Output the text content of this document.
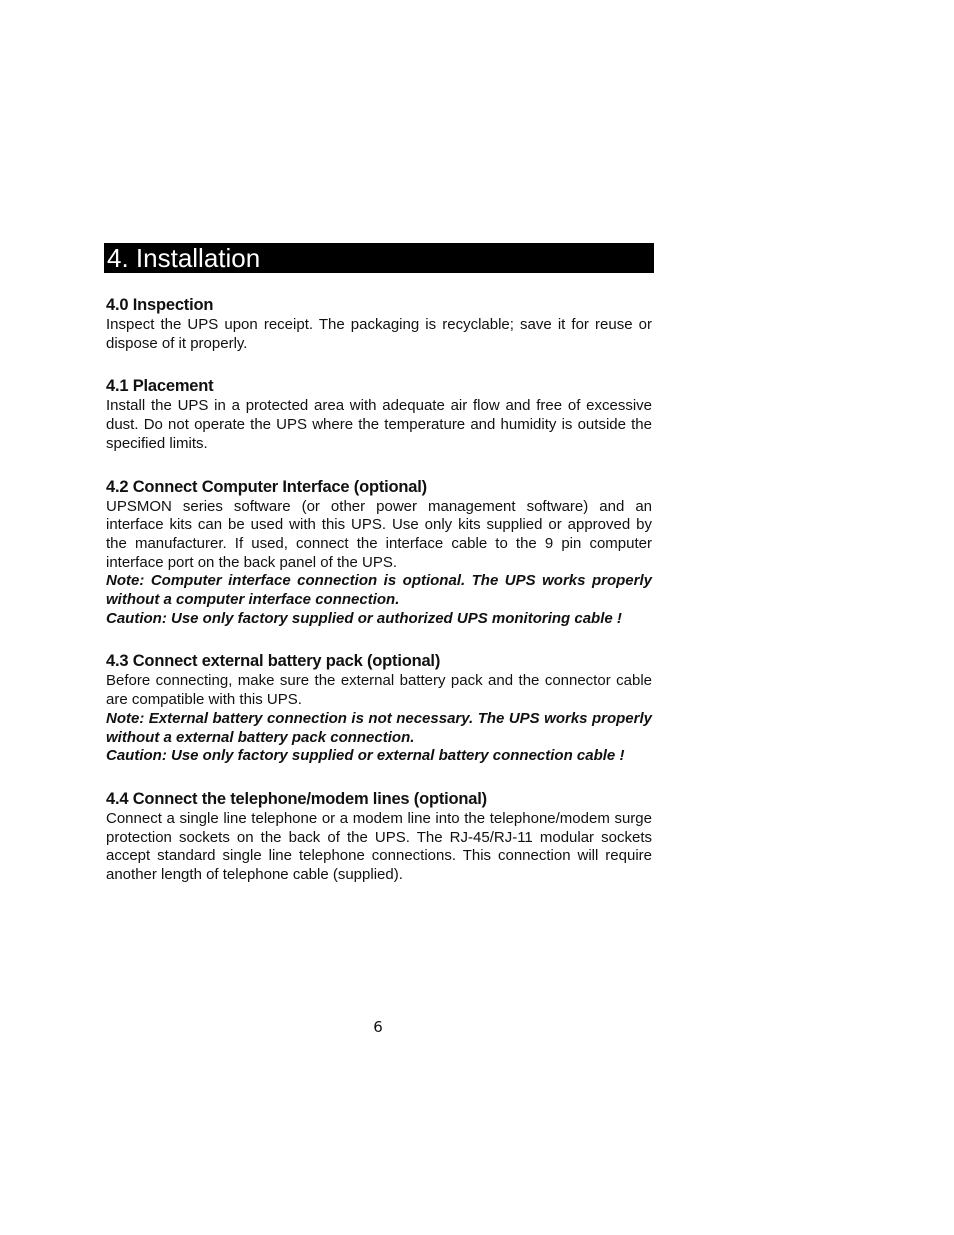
4. Installation
4.0 Inspection

Inspect the UPS upon receipt. The packaging is recyclable; save it for reuse or dispose of it properly.

4.1 Placement

Install the UPS in a protected area with adequate air flow and free of excessive dust. Do not operate the UPS where the temperature and humidity is outside the specified limits.

4.2 Connect Computer Interface (optional)

UPSMON series software (or other power management software) and an interface kits can be used with this UPS. Use only kits supplied or approved by the manufacturer. If used, connect the interface cable to the 9 pin computer interface port on the back panel of the UPS.

Note: Computer interface connection is optional. The UPS works properly without a computer interface connection.

Caution: Use only factory supplied or authorized UPS monitoring cable !

4.3 Connect external battery pack (optional)

Before connecting, make sure the external battery pack and the connector cable are compatible with this UPS.

Note: External battery connection is not necessary. The UPS works properly without a external battery pack connection.

Caution: Use only factory supplied or external battery connection cable !

4.4 Connect the telephone/modem lines (optional)

Connect a single line telephone or a modem line into the telephone/modem surge protection sockets on the back of the UPS. The RJ-45/RJ-11 modular sockets accept standard single line telephone connections. This connection will require another length of telephone cable (supplied).

6
